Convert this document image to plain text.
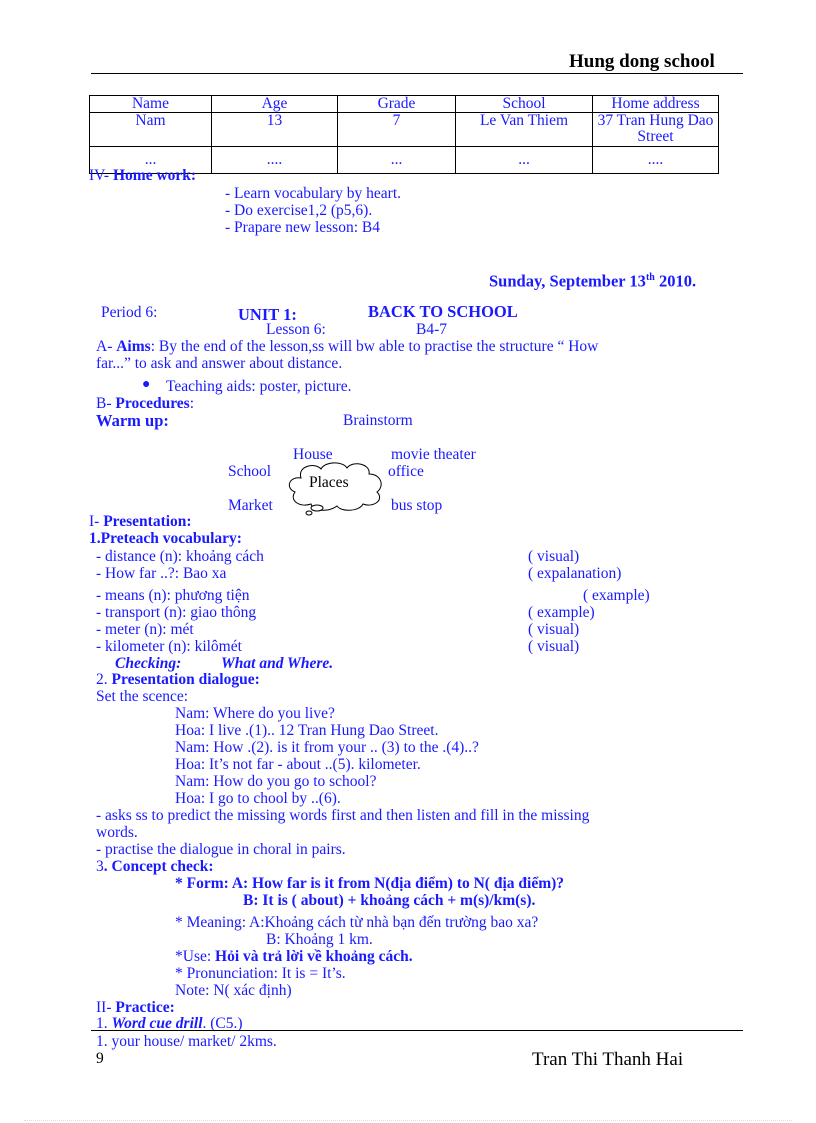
Hung dong school
Name	Age	Grade	School	Home address
Nam	13	7	Le Van Thiem	37 Tran Hung Dao Street
...	....	...	...	....
IV- Home work:
- Learn vocabulary by heart.
- Do exercise1,2 (p5,6).
- Prapare new lesson: B4
Sunday, September 13th 2010.
Period 6:	UNIT 1:	BACK TO SCHOOL
Lesson 6:	B4-7
A- Aims: By the end of the lesson,ss will bw able to practise the structure “ How
far...” to ask and answer about distance.
● Teaching aids: poster, picture.
B- Procedures:
Warm up:	Brainstorm
House	movie theater
School	office
Market	bus stop
Places
I- Presentation:
1.Preteach vocabulary:
- distance (n): khoảng cách	( visual)
- How far ..?: Bao xa	( expalanation)
- means (n): phương tiện	( example)
- transport (n): giao thông	( example)
- meter (n): mét	( visual)
- kilometer (n): kilômét	( visual)
Checking:	What and Where.
2. Presentation dialogue:
Set the scence:
Nam: Where do you live?
Hoa: I live .(1).. 12 Tran Hung Dao Street.
Nam: How .(2). is it from your .. (3) to the .(4)..?
Hoa: It’s not far - about ..(5). kilometer.
Nam: How do you go to school?
Hoa: I go to chool by ..(6).
- asks ss to predict the missing words first and then listen and fill in the missing
words.
- practise the dialogue in choral in pairs.
3. Concept check:
* Form: A: How far is it from N(địa điểm) to N( địa điểm)?
B: It is ( about) + khoảng cách + m(s)/km(s).
* Meaning: A:Khoảng cách từ nhà bạn đến trường bao xa?
B: Khoảng 1 km.
*Use: Hỏi và trả lời về khoảng cách.
* Pronunciation: It is = It’s.
Note: N( xác định)
II- Practice:
1. Word cue drill. (C5.)
1. your house/ market/ 2kms.
9	Tran Thi Thanh Hai
